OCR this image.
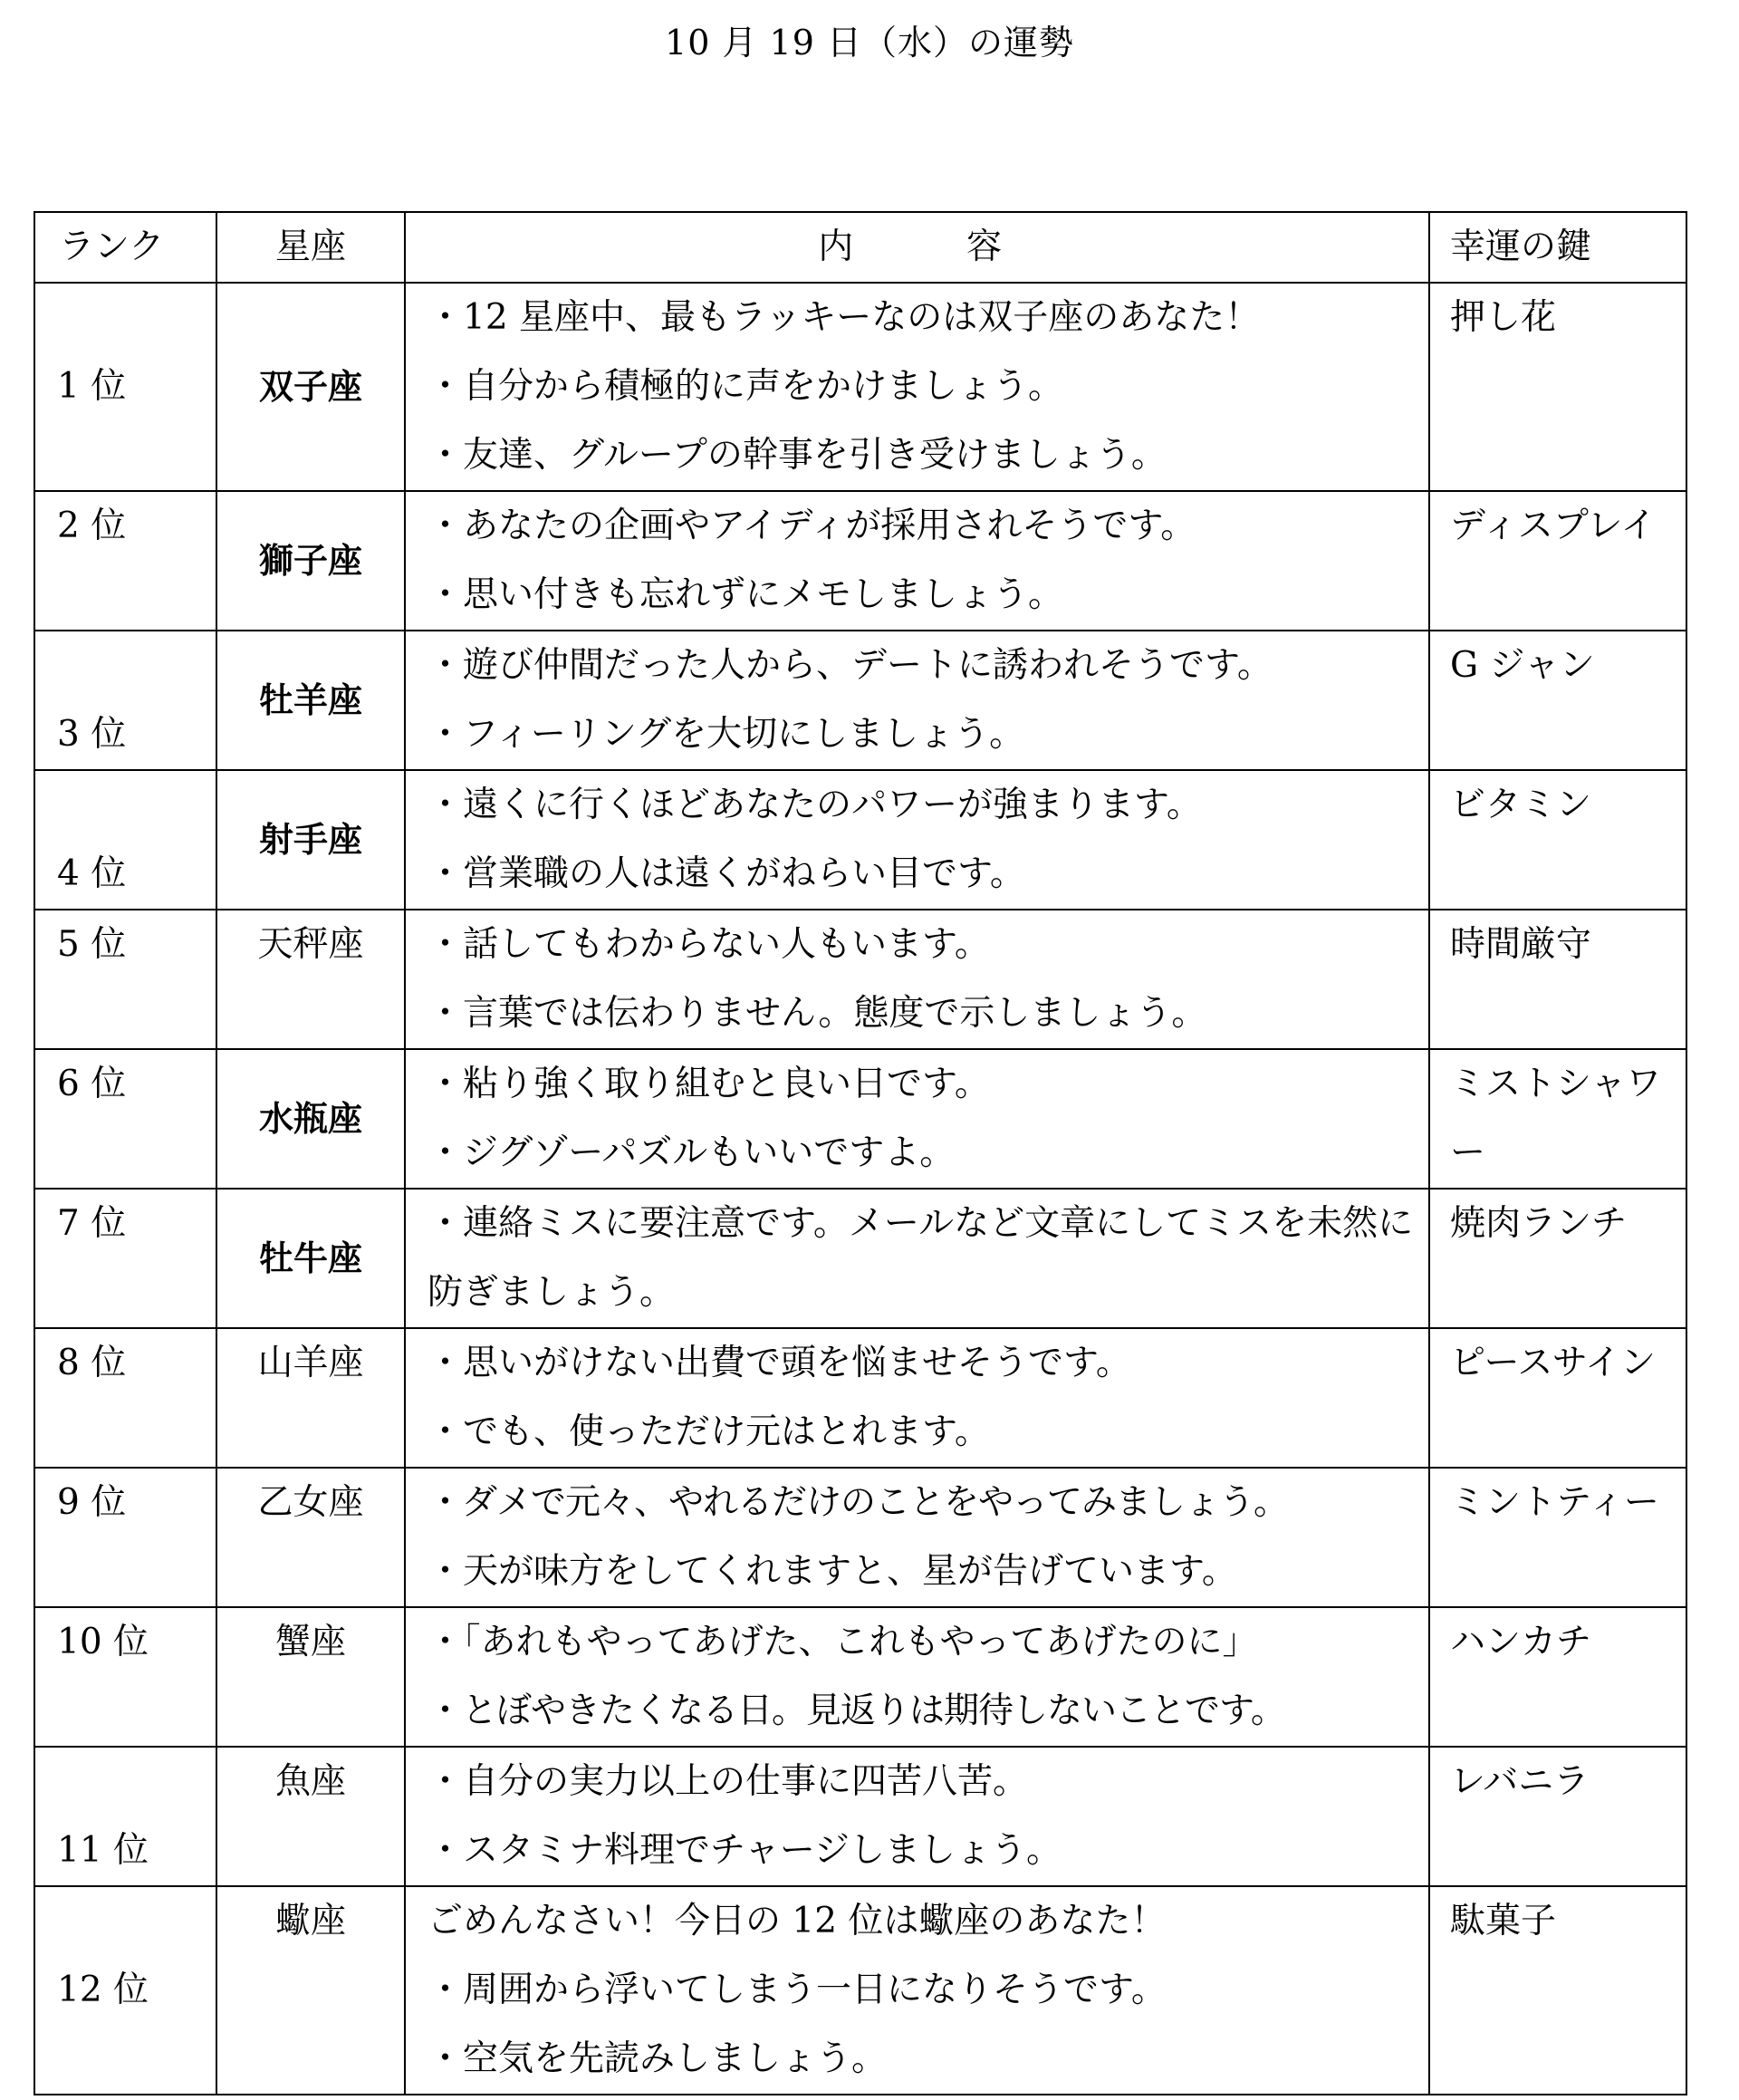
10 月 19 日（水）の運勢
ランク	星座	内　　容	幸運の鍵
1 位	双子座	・12 星座中、最もラッキーなのは双子座のあなた！
・自分から積極的に声をかけましょう。
・友達、グループの幹事を引き受けましょう。	押し花
2 位	獅子座	・あなたの企画やアイディが採用されそうです。
・思い付きも忘れずにメモしましょう。	ディスプレイ
3 位	牡羊座	・遊び仲間だった人から、デートに誘われそうです。
・フィーリングを大切にしましょう。	G ジャン
4 位	射手座	・遠くに行くほどあなたのパワーが強まります。
・営業職の人は遠くがねらい目です。	ビタミン
5 位	天秤座	・話してもわからない人もいます。
・言葉では伝わりません。態度で示しましょう。	時間厳守
6 位	水瓶座	・粘り強く取り組むと良い日です。
・ジグゾーパズルもいいですよ。	ミストシャワー
7 位	牡牛座	・連絡ミスに要注意です。メールなど文章にしてミスを未然に防ぎましょう。	焼肉ランチ
8 位	山羊座	・思いがけない出費で頭を悩ませそうです。
・でも、使っただけ元はとれます。	ピースサイン
9 位	乙女座	・ダメで元々、やれるだけのことをやってみましょう。
・天が味方をしてくれますと、星が告げています。	ミントティー
10 位	蟹座	・「あれもやってあげた、これもやってあげたのに」
・とぼやきたくなる日。見返りは期待しないことです。	ハンカチ
11 位	魚座	・自分の実力以上の仕事に四苦八苦。
・スタミナ料理でチャージしましょう。	レバニラ
12 位	蠍座	ごめんなさい！今日の 12 位は蠍座のあなた！
・周囲から浮いてしまう一日になりそうです。
・空気を先読みしましょう。	駄菓子
